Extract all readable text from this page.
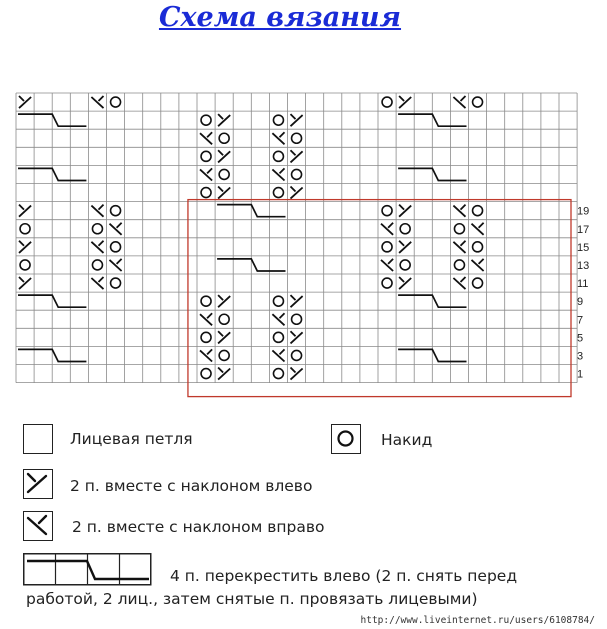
Схема вязания
19
17
15
13
11
9
7
5
3
1
Лицевая петля	Накид
2 п. вместе с наклоном влево
2 п. вместе с наклоном вправо
4 п. перекрестить влево (2 п. снять перед
работой, 2 лиц., затем снятые п. провязать лицевыми)
http://www.liveinternet.ru/users/6108784/
